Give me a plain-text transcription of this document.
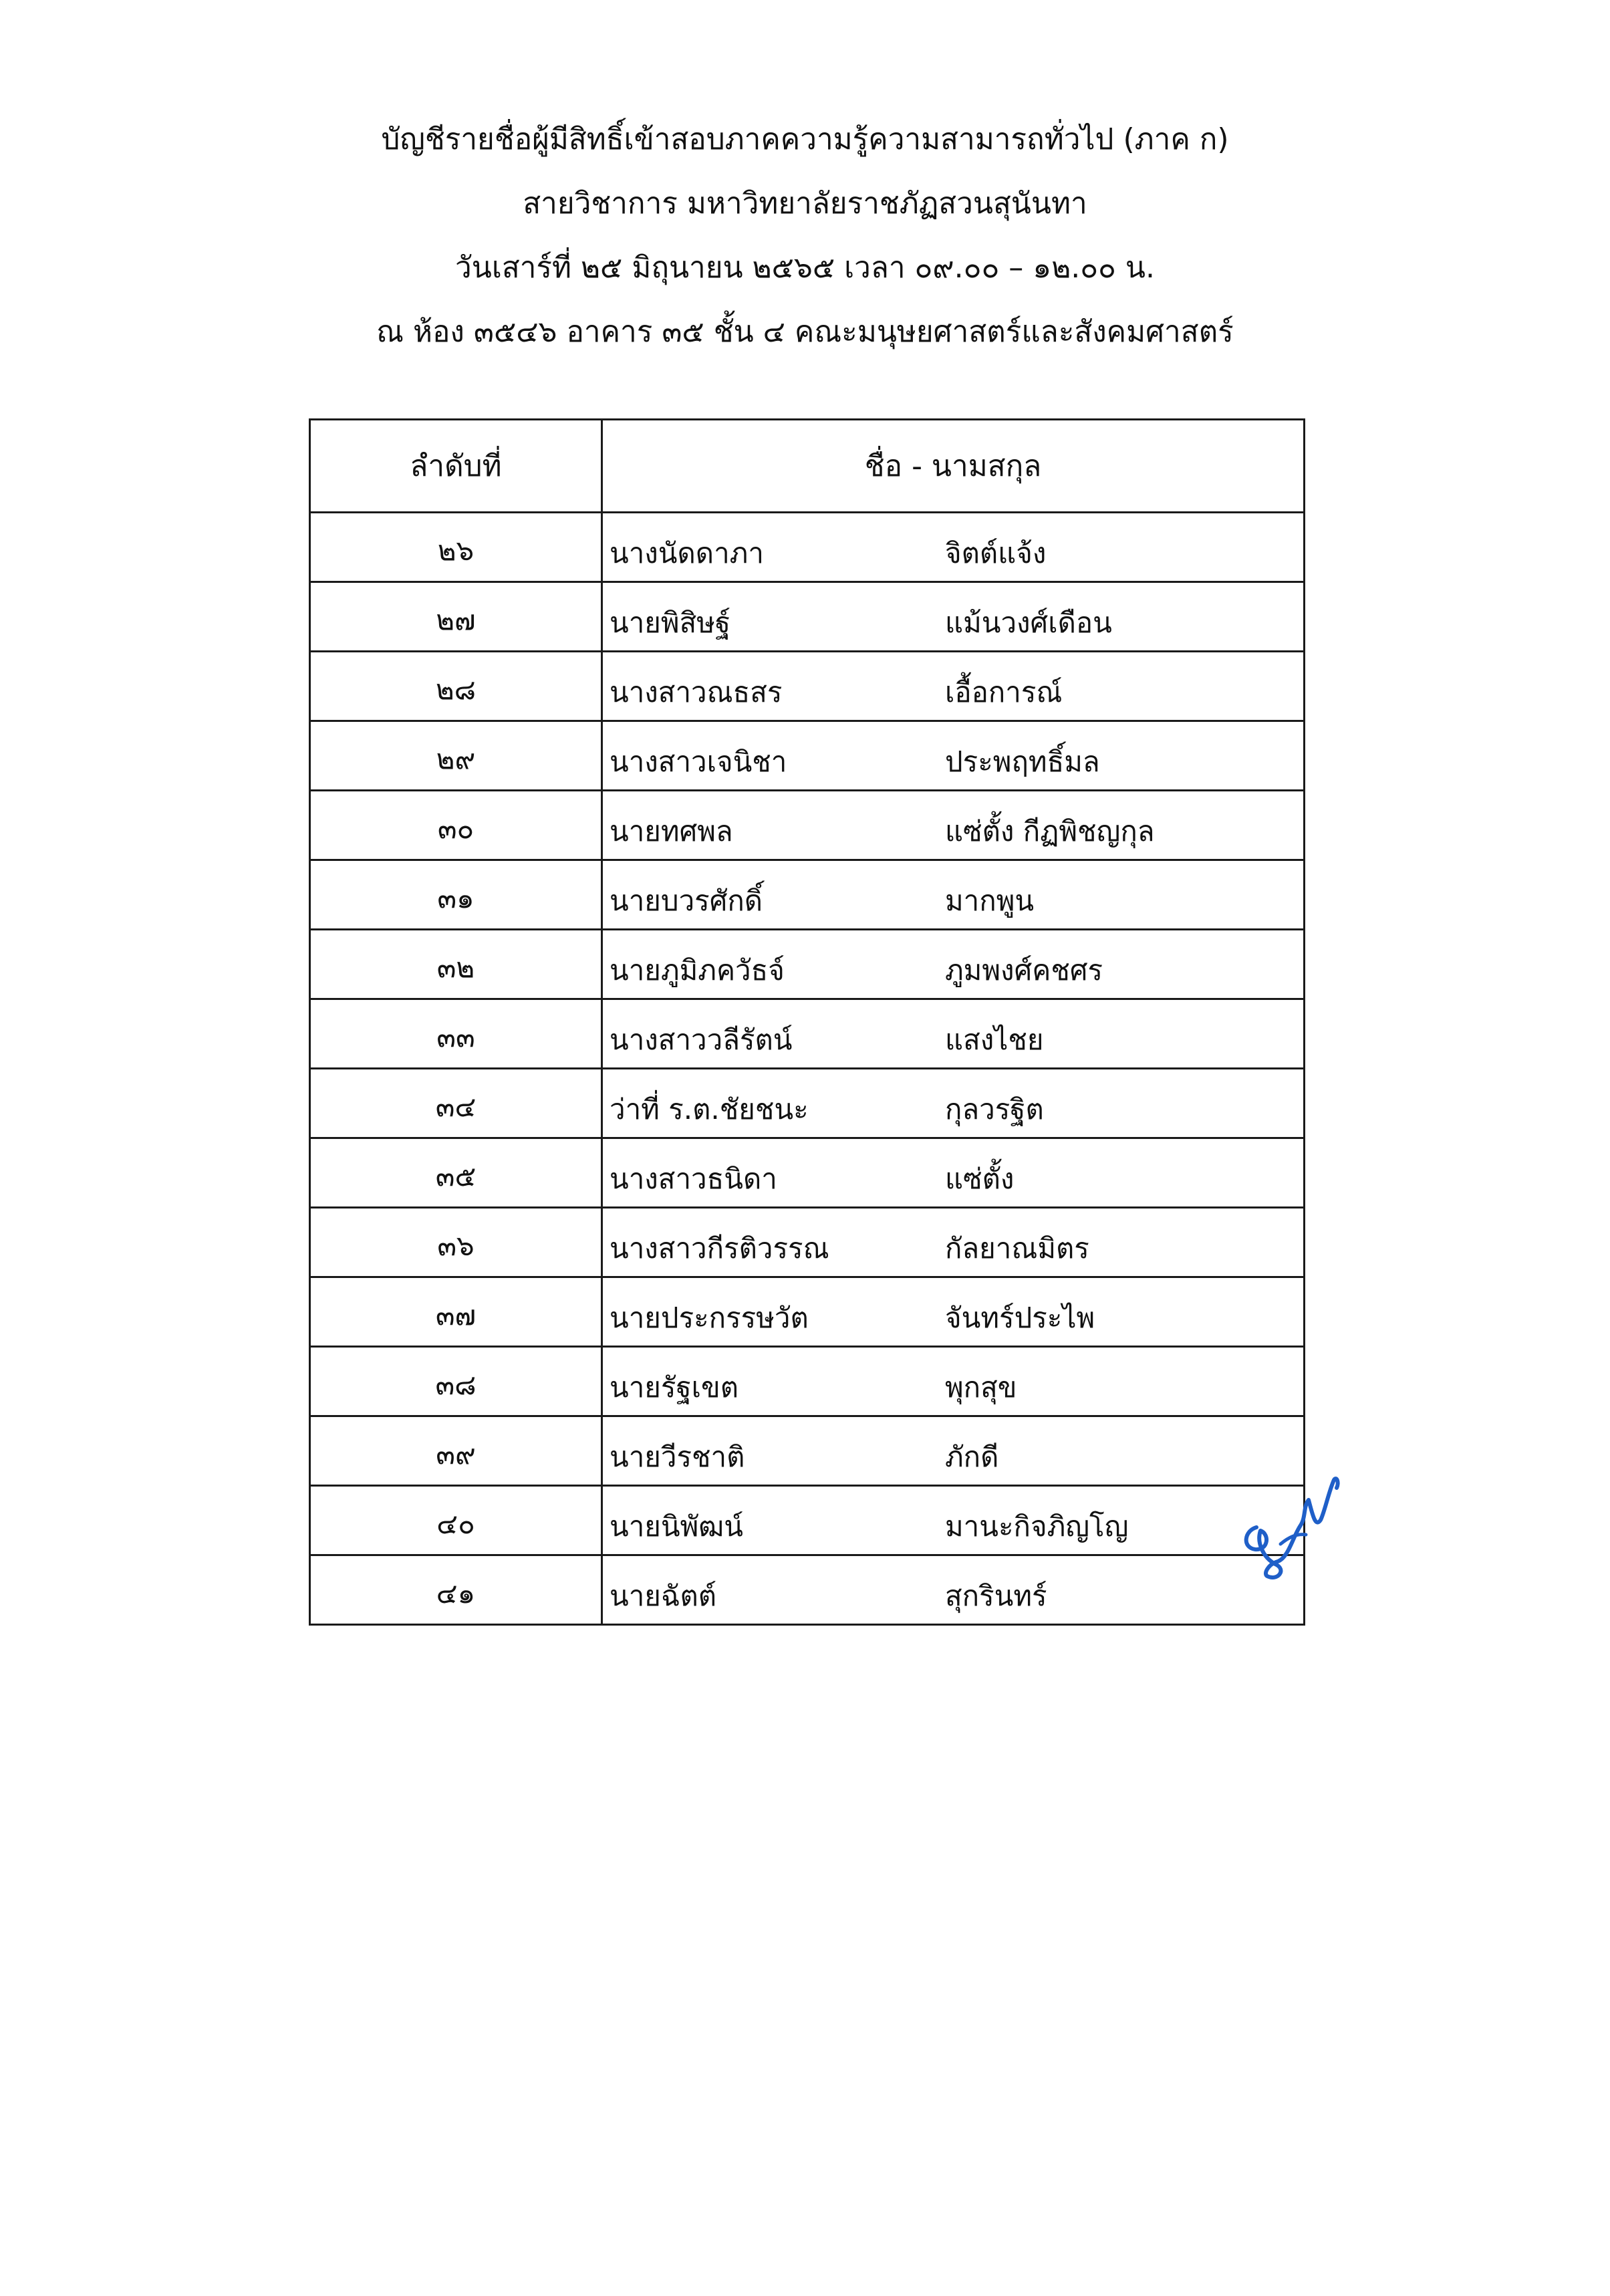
บัญชีรายชื่อผู้มีสิทธิ์เข้าสอบภาคความรู้ความสามารถทั่วไป (ภาค ก)
สายวิชาการ มหาวิทยาลัยราชภัฏสวนสุนันทา
วันเสาร์ที่ ๒๕ มิถุนายน ๒๕๖๕ เวลา ๐๙.๐๐ – ๑๒.๐๐ น.
ณ ห้อง ๓๕๔๖ อาคาร ๓๕ ชั้น ๔ คณะมนุษยศาสตร์และสังคมศาสตร์
ลำดับที่	ชื่อ - นามสกุล
๒๖	นางนัดดาภา จิตต์แจ้ง

๒๗	นายพิสิษฐ์ แม้นวงศ์เดือน

๒๘	นางสาวณธสร เอื้อการณ์

๒๙	นางสาวเจนิชา ประพฤทธิ์มล

๓๐	นายทศพล แซ่ตั้ง กีฏพิชญกุล

๓๑	นายบวรศักดิ์ มากพูน

๓๒	นายภูมิภควัธจ์ ภูมพงศ์คชศร

๓๓	นางสาววลีรัตน์ แสงไชย

๓๔	ว่าที่ ร.ต.ชัยชนะ กุลวรฐิต

๓๕	นางสาวธนิดา แซ่ตั้ง

๓๖	นางสาวกีรติวรรณ กัลยาณมิตร

๓๗	นายประกรรษวัต จันทร์ประไพ

๓๘	นายรัฐเขต พุกสุข

๓๙	นายวีรชาติ ภักดี

๔๐	นายนิพัฒน์ มานะกิจภิญโญ

๔๑	นายฉัตต์ สุกรินทร์
